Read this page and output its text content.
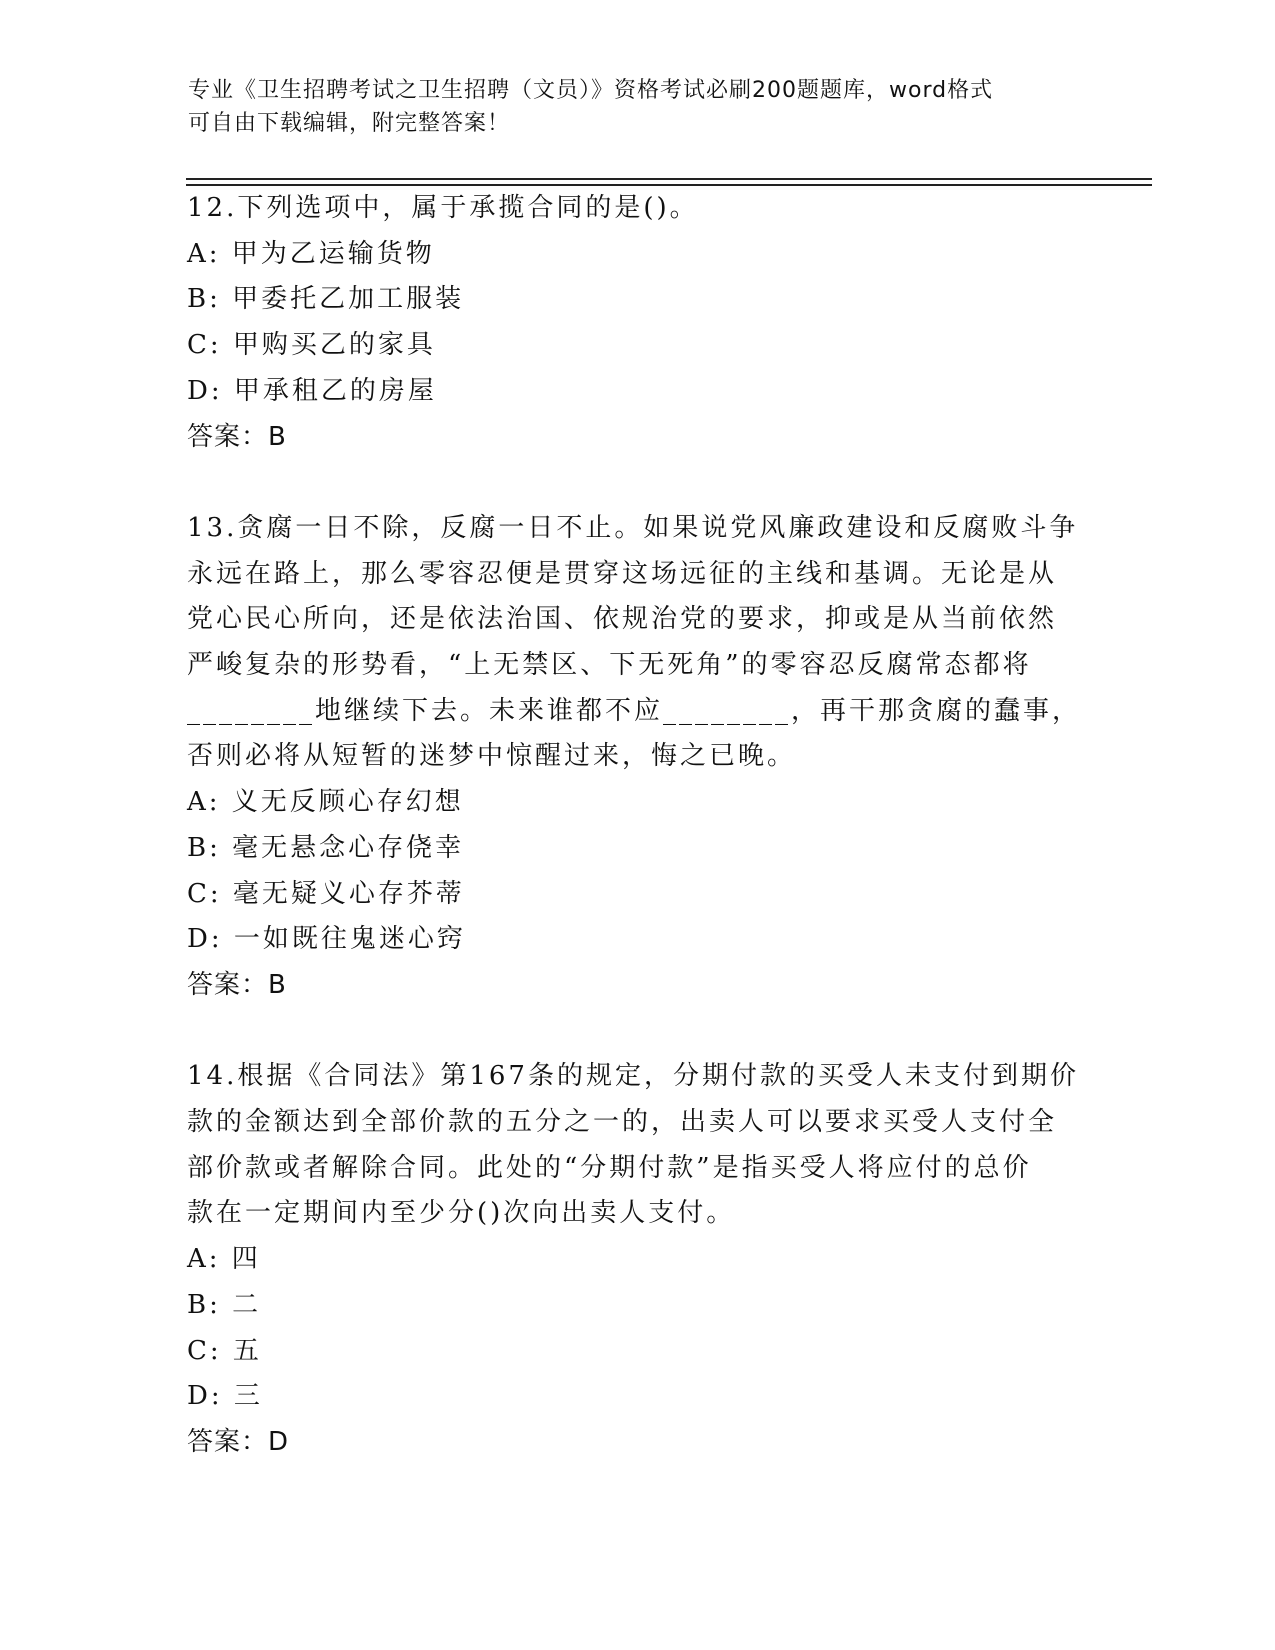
专业《卫生招聘考试之卫生招聘（文员）》资格考试必刷200题题库，word格式
可自由下载编辑，附完整答案！
12.下列选项中，属于承揽合同的是()。
A: 甲为乙运输货物
B: 甲委托乙加工服装
C: 甲购买乙的家具
D: 甲承租乙的房屋
答案：B
13.贪腐一日不除，反腐一日不止。如果说党风廉政建设和反腐败斗争
永远在路上，那么零容忍便是贯穿这场远征的主线和基调。无论是从
党心民心所向，还是依法治国、依规治党的要求，抑或是从当前依然
严峻复杂的形势看，“上无禁区、下无死角”的零容忍反腐常态都将
________地继续下去。未来谁都不应________，再干那贪腐的蠢事，
否则必将从短暂的迷梦中惊醒过来，悔之已晚。
A: 义无反顾心存幻想
B: 毫无悬念心存侥幸
C: 毫无疑义心存芥蒂
D: 一如既往鬼迷心窍
答案：B
14.根据《合同法》第167条的规定，分期付款的买受人未支付到期价
款的金额达到全部价款的五分之一的，出卖人可以要求买受人支付全
部价款或者解除合同。此处的“分期付款”是指买受人将应付的总价
款在一定期间内至少分()次向出卖人支付。
A: 四
B: 二
C: 五
D: 三
答案：D
